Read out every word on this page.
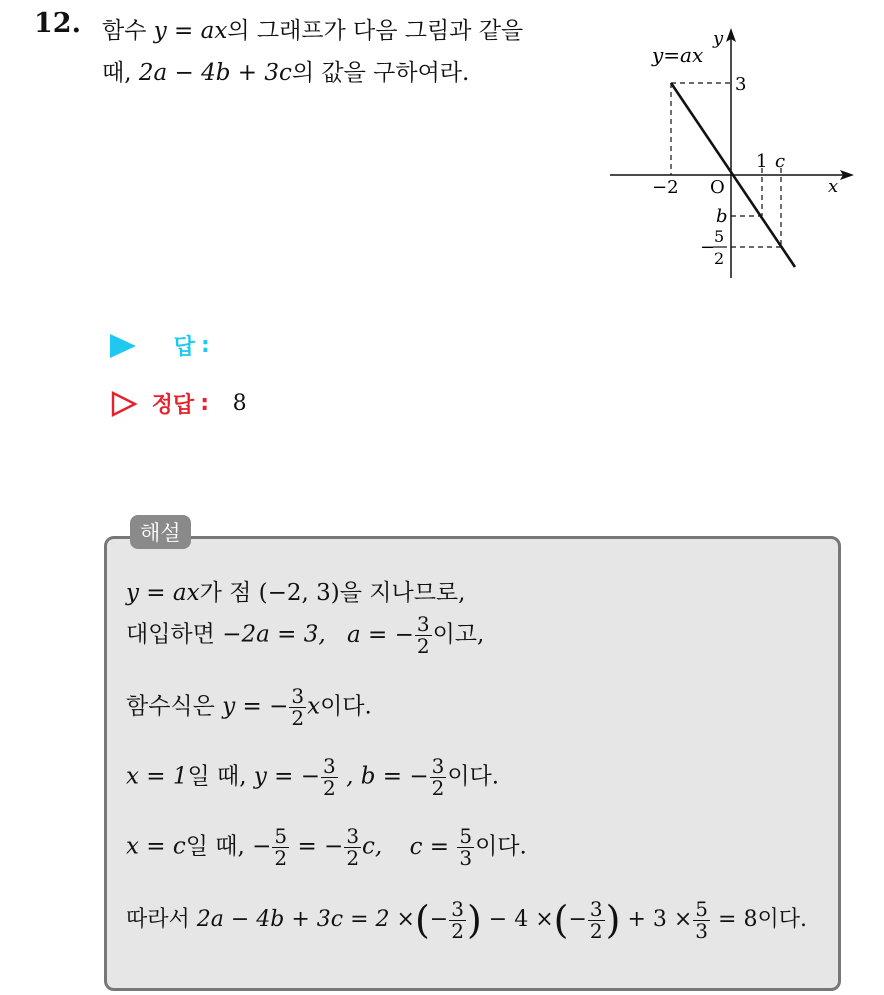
12. 함수 y = ax의 그래프가 다음 그림과 같을
때, 2a − 4b + 3c의 값을 구하여라.
y=ax
y
x
O
3
−2
1 c
b
−
5
2
답 :
정답 : 8
해설
y = ax가 점 (−2, 3)을 지나므로,
대입하면 −2a = 3, a = − $\frac{3}{2}$ 이고,
함수식은 y = − $\frac{3}{2}$ x이다.
x = 1일 때, y = − $\frac{3}{2}$ , b = − $\frac{3}{2}$ 이다.
x = c일 때, − $\frac{5}{2}$ = − $\frac{3}{2} c$, $c = \frac{5}{3}$ 이다.
따라서 2a − 4b + 3c = 2 ×(− $\frac{3}{2}$ ) − 4 ×(− $\frac{3}{2}$ ) + $3 \times \frac{5}{3} = 8$이다.
